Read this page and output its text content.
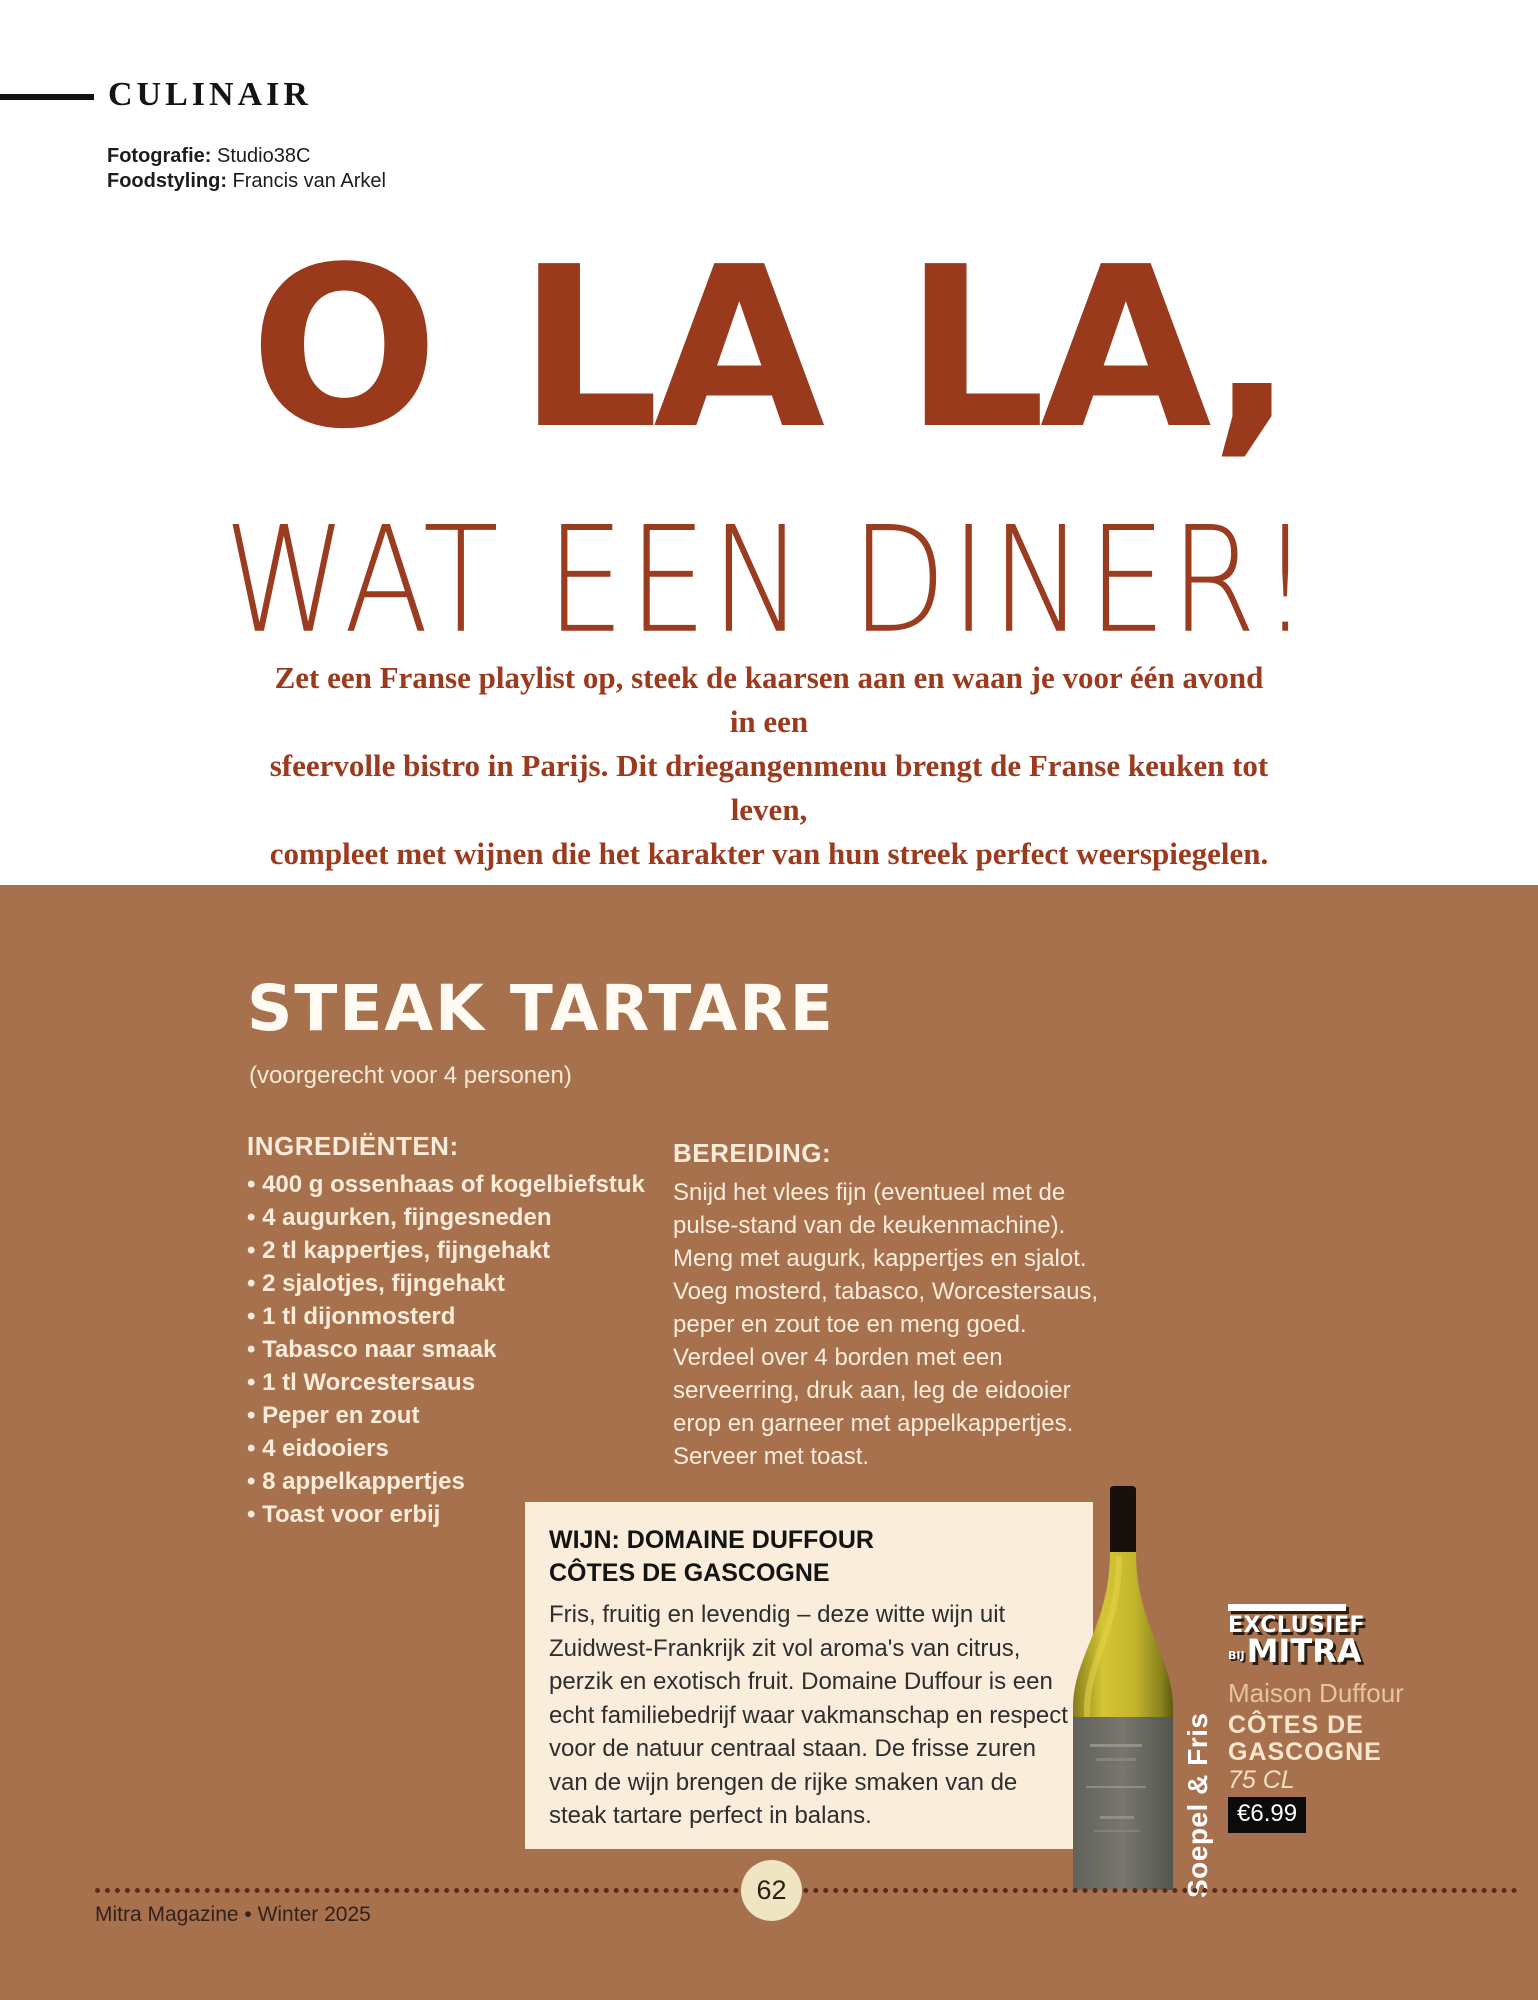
CULINAIR
Fotografie: Studio38C
Foodstyling: Francis van Arkel
O LA LA,
WAT EEN DINER!
Zet een Franse playlist op, steek de kaarsen aan en waan je voor één avond in een
sfeervolle bistro in Parijs. Dit driegangenmenu brengt de Franse keuken tot leven,
compleet met wijnen die het karakter van hun streek perfect weerspiegelen.
STEAK TARTARE
(voorgerecht voor 4 personen)
INGREDIËNTEN:
• 400 g ossenhaas of kogelbiefstuk
• 4 augurken, fijngesneden
• 2 tl kappertjes, fijngehakt
• 2 sjalotjes, fijngehakt
• 1 tl dijonmosterd
• Tabasco naar smaak
• 1 tl Worcestersaus
• Peper en zout
• 4 eidooiers
• 8 appelkappertjes
• Toast voor erbij
BEREIDING:
Snijd het vlees fijn (eventueel met de pulse-stand van de keukenmachine). Meng met augurk, kappertjes en sjalot. Voeg mosterd, tabasco, Worcestersaus, peper en zout toe en meng goed. Verdeel over 4 borden met een serveerring, druk aan, leg de eidooier erop en garneer met appelkappertjes. Serveer met toast.
WIJN: DOMAINE DUFFOUR
CÔTES DE GASCOGNE
Fris, fruitig en levendig – deze witte wijn uit Zuidwest-Frankrijk zit vol aroma's van citrus, perzik en exotisch fruit. Domaine Duffour is een echt familiebedrijf waar vakmanschap en respect voor de natuur centraal staan. De frisse zuren van de wijn brengen de rijke smaken van de steak tartare perfect in balans.	Soepel & Fris
EXCLUSIEF
BIJ MITRA
Maison Duffour
CÔTES DE
GASCOGNE
75 CL
€6.99
62
Mitra Magazine • Winter 2025
